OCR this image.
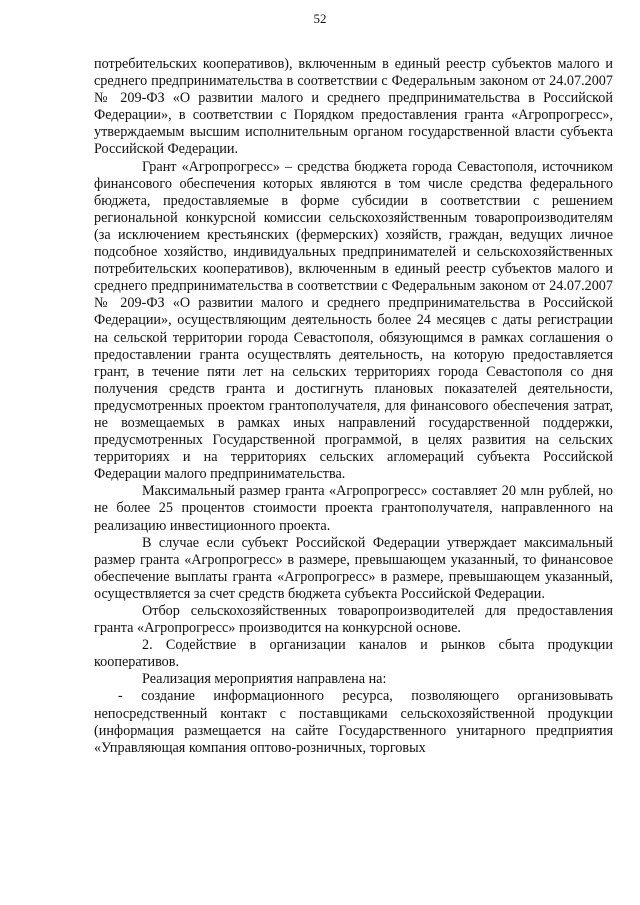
52

потребительских кооперативов), включенным в единый реестр субъектов малого и среднего предпринимательства в соответствии с Федеральным законом от 24.07.2007 № 209-ФЗ «О развитии малого и среднего предпринимательства в Российской Федерации», в соответствии с Порядком предоставления гранта «Агропрогресс», утверждаемым высшим исполнительным органом государственной власти субъекта Российской Федерации.

Грант «Агропрогресс» – средства бюджета города Севастополя, источником финансового обеспечения которых являются в том числе средства федерального бюджета, предоставляемые в форме субсидии в соответствии с решением региональной конкурсной комиссии сельскохозяйственным товаропроизводителям (за исключением крестьянских (фермерских) хозяйств, граждан, ведущих личное подсобное хозяйство, индивидуальных предпринимателей и сельскохозяйственных потребительских кооперативов), включенным в единый реестр субъектов малого и среднего предпринимательства в соответствии с Федеральным законом от 24.07.2007 № 209-ФЗ «О развитии малого и среднего предпринимательства в Российской Федерации», осуществляющим деятельность более 24 месяцев с даты регистрации на сельской территории города Севастополя, обязующимся в рамках соглашения о предоставлении гранта осуществлять деятельность, на которую предоставляется грант, в течение пяти лет на сельских территориях города Севастополя со дня получения средств гранта и достигнуть плановых показателей деятельности, предусмотренных проектом грантополучателя, для финансового обеспечения затрат, не возмещаемых в рамках иных направлений государственной поддержки, предусмотренных Государственной программой, в целях развития на сельских территориях и на территориях сельских агломераций субъекта Российской Федерации малого предпринимательства.

Максимальный размер гранта «Агропрогресс» составляет 20 млн рублей, но не более 25 процентов стоимости проекта грантополучателя, направленного на реализацию инвестиционного проекта.

В случае если субъект Российской Федерации утверждает максимальный размер гранта «Агропрогресс» в размере, превышающем указанный, то финансовое обеспечение выплаты гранта «Агропрогресс» в размере, превышающем указанный, осуществляется за счет средств бюджета субъекта Российской Федерации.

Отбор сельскохозяйственных товаропроизводителей для предоставления гранта «Агропрогресс» производится на конкурсной основе.

2. Содействие в организации каналов и рынков сбыта продукции кооперативов.

Реализация мероприятия направлена на:

- создание информационного ресурса, позволяющего организовывать непосредственный контакт с поставщиками сельскохозяйственной продукции (информация размещается на сайте Государственного унитарного предприятия «Управляющая компания оптово-розничных, торговых
